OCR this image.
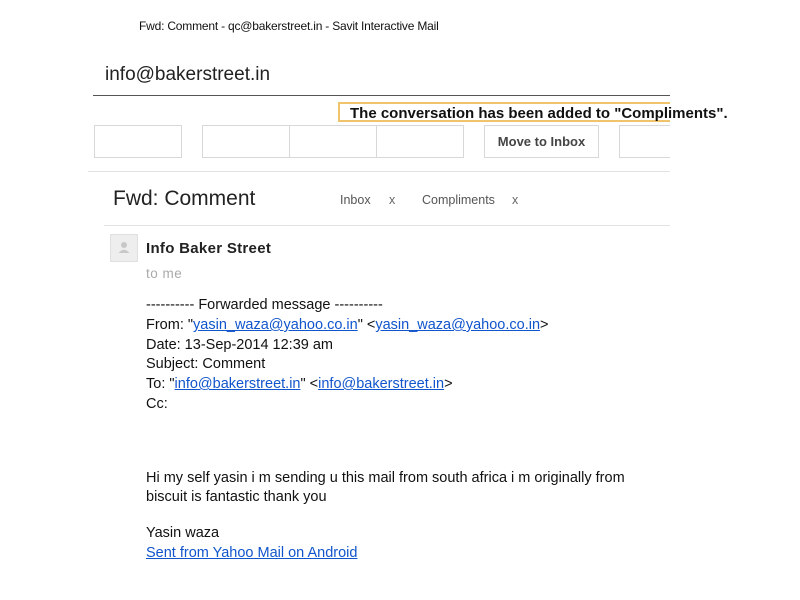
Fwd: Comment - qc@bakerstreet.in - Savit Interactive Mail
info@bakerstreet.in
The conversation has been added to "Compliments".
Move to Inbox
Fwd: Comment	Inbox x Compliments x
Info Baker Street
to me
---------- Forwarded message ----------
From: "yasin_waza@yahoo.co.in" <yasin_waza@yahoo.co.in>
Date: 13-Sep-2014 12:39 am
Subject: Comment
To: "info@bakerstreet.in" <info@bakerstreet.in>
Cc:
Hi my self yasin i m sending u this mail from south africa i m originally from
biscuit is fantastic thank you
Yasin waza
Sent from Yahoo Mail on Android
